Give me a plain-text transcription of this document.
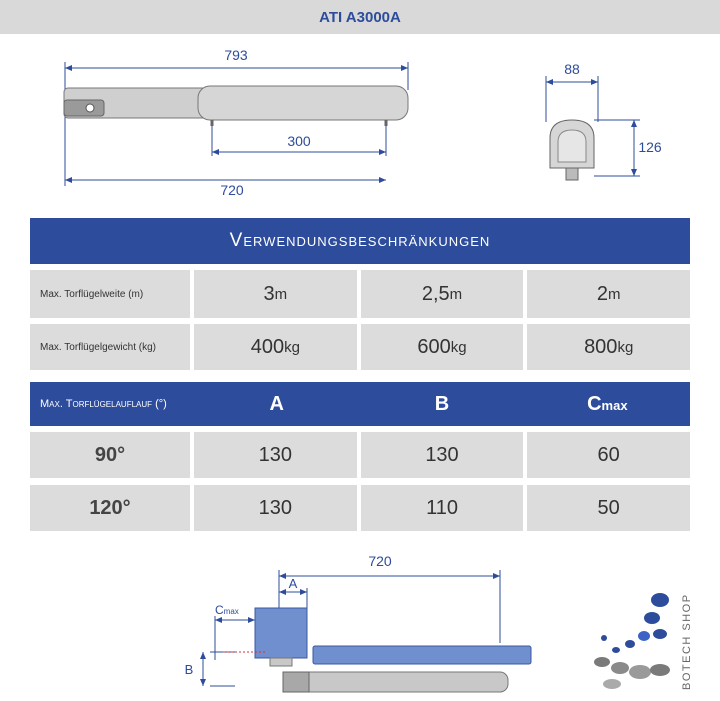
ATI A3000A
793
300
720
88
126
Verwendungsbeschränkungen
Max. Torflügelweite (m)	3 m	2,5 m	2 m
Max. Torflügelgewicht (kg)	400 kg	600 kg	800 kg
Max. Torflügelauflauf (°)	A	B	Cmax
90°	130	130	60
120°	130	110	50
720
A
Cmax
B	BOTECH SHOP
